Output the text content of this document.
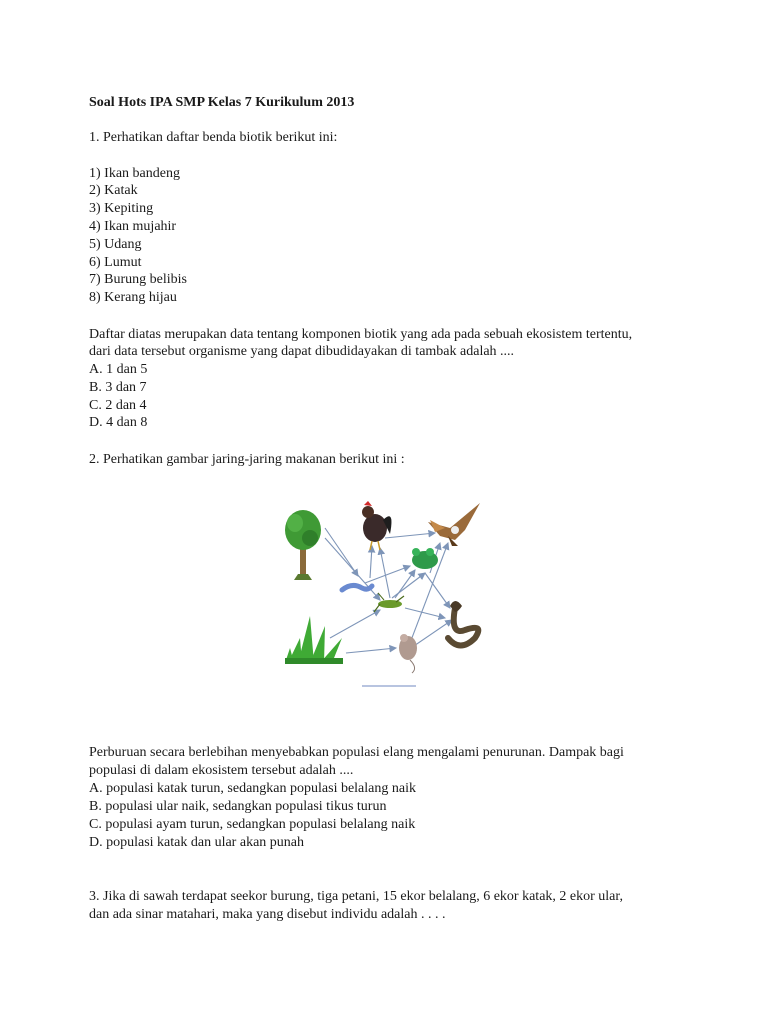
Soal Hots IPA SMP Kelas 7 Kurikulum 2013
1. Perhatikan daftar benda biotik berikut ini:
1) Ikan bandeng
2) Katak
3) Kepiting
4) Ikan mujahir
5) Udang
6) Lumut
7) Burung belibis
8) Kerang hijau
Daftar diatas merupakan data tentang komponen biotik yang ada pada sebuah ekosistem tertentu,
dari data tersebut organisme yang dapat dibudidayakan di tambak adalah ....
A. 1 dan 5
B. 3 dan 7
C. 2 dan 4
D. 4 dan 8
2. Perhatikan gambar jaring-jaring makanan berikut ini :
Perburuan secara berlebihan menyebabkan populasi elang mengalami penurunan. Dampak bagi
populasi di dalam ekosistem tersebut adalah ....
A. populasi katak turun, sedangkan populasi belalang naik
B. populasi ular naik, sedangkan populasi tikus turun
C. populasi ayam turun, sedangkan populasi belalang naik
D. populasi katak dan ular akan punah
3. Jika di sawah terdapat seekor burung, tiga petani, 15 ekor belalang, 6 ekor katak, 2 ekor ular,
dan ada sinar matahari, maka yang disebut individu adalah . . . .
